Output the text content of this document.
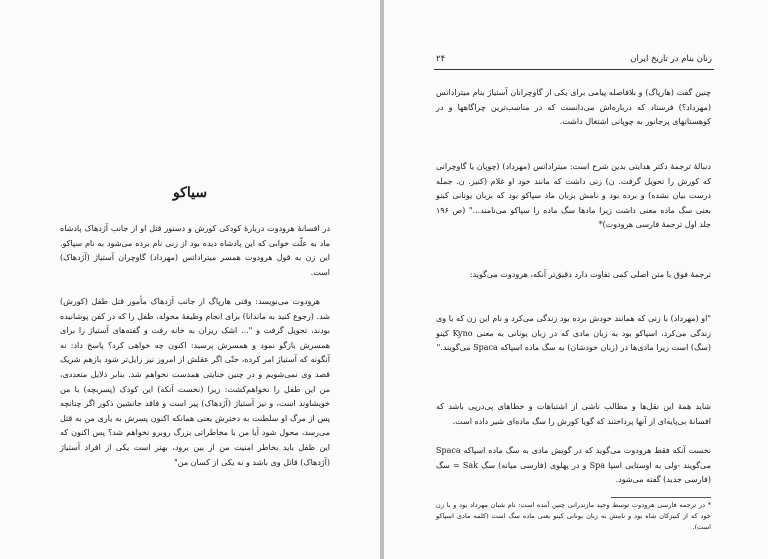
سیاکو

در افسانهٔ هرودوت دربارهٔ کودکی کورش و دستور قتل او از جانب آژدهاک پادشاه ماد به علّت خوابی که این پادشاه دیده بود از زنی نام برده می‌شود به نام سپاکو. این زن به قول هرودوت همسر میتراداتس (مهرداد) گاوچران آستیاژ (آژدهاک) است.

هرودوت می‌نویسد: وقتی هارپاگ از جانب آژدهاک مأمور قتل طفل (کورش) شد. (رجوع کنید به ماندانا) برای انجام وظیفهٔ محوله، طفل را که در کفن پوشانیده بودند، تحویل گرفت و "... اشک ریزان به خانه رفت و گفته‌های آستیاژ را برای همسرش بازگو نمود و همسرش پرسید: اکنون چه خواهی کرد؟ پاسخ داد: نه آنگونه که آستیاژ امر کرده، حتّی اگر عقلش از امروز نیز زایل‌تر شود بازهم شریک قصد وی نمی‌شویم و در چنین جنایتی همدست نخواهم شد. بنابر دلایل متعددی، من این طفل را نخواهم‌کشت: زیرا (نخست آنکه) این کودک (پسربچه) با من خویشاوند است، و نیز آستیاژ (آژدهاک) پیر است و فاقد جانشین ذکور اگر چنانچه پس از مرگ او سلطنت به دخترش یعنی همانکه اکنون پسرش به یاری من به قتل می‌رسد، محول شود آیا من با مخاطراتی بزرگ روبرو نخواهم شد؟ پس اکنون که این طفل باید بخاطر امنیت من از بین برود، بهتر است یکی از افراد آستیاژ (آژدهاک) قاتل وی باشد و نه یکی از کسان من"

۲۴	زنان بنام در تاریخ ایران

چنین گفت (هارپاگ) و بلافاصله پیامی برای یکی از گاوچرانان آستیاژ بنام میتراداتس (مهرداد؟) فرستاد که درباره‌اش می‌دانست که در مناسب‌ترین چراگاهها و در کوهستانهای پرجانور به چوپانی اشتغال داشت.

دنبالهٔ ترجمهٔ دکتر هدایتی بدین شرح است: میتراداتس (مهرداد) (چوپان یا گاوچرانی که کورش را تحویل گرفت. ن) زنی داشت که مانند خود او غلام (کنیز. ن. جمله درست بیان نشده) و برده بود و نامش بزبان ماد سپاکو بود که بزبان یونانی کینو یعنی سگ ماده معنی داشت زیرا مادها سگ ماده را سپاکو می‌نامند..." (ص ۱۹۶ جلد اول ترجمهٔ فارسی هرودوت)*

ترجمهٔ فوق با متن اصلی کمی تفاوت دارد دقیق‌تر آنکه، هرودوت می‌گوید:

"او (مهرداد) با زنی که همانند خودش برده بود زندگی می‌کرد و نام این زن که با وی زندگی می‌کرد، اسپاکو بود به زبان مادی که در زبان یونانی به معنی Kyno کینو (سگ) است زیرا مادی‌ها در (زبان خودشان) به سگ ماده اسپاکه Spaca می‌گویند."

شاید همهٔ این نقل‌ها و مطالب ناشی از اشتباهات و خطاهای پی‌درپی باشد که افسانهٔ بی‌پایه‌ای از آنها پرداختند که گویا کورش را سگ ماده‌ای شیر داده است.

نخست آنکه فقط هرودوت می‌گوید که در گویش مادی به سگ ماده اسپاکه Spaca می‌گویند -ولی به اوستایی اسپا Spa و در پهلوی (فارسی میانه) سگ Sak = سگ (فارسی جدید) گفته می‌شود.

* در ترجمه فارسی هرودوت توسط وحید مازندرانی چنین آمده است: نام شبان مهرداد بود و با زن خود که از کنیزکان شاه بود و نامش به زبان یونانی کینو یعنی ماده سگ است (کلمه مادی اسپاکو است).
